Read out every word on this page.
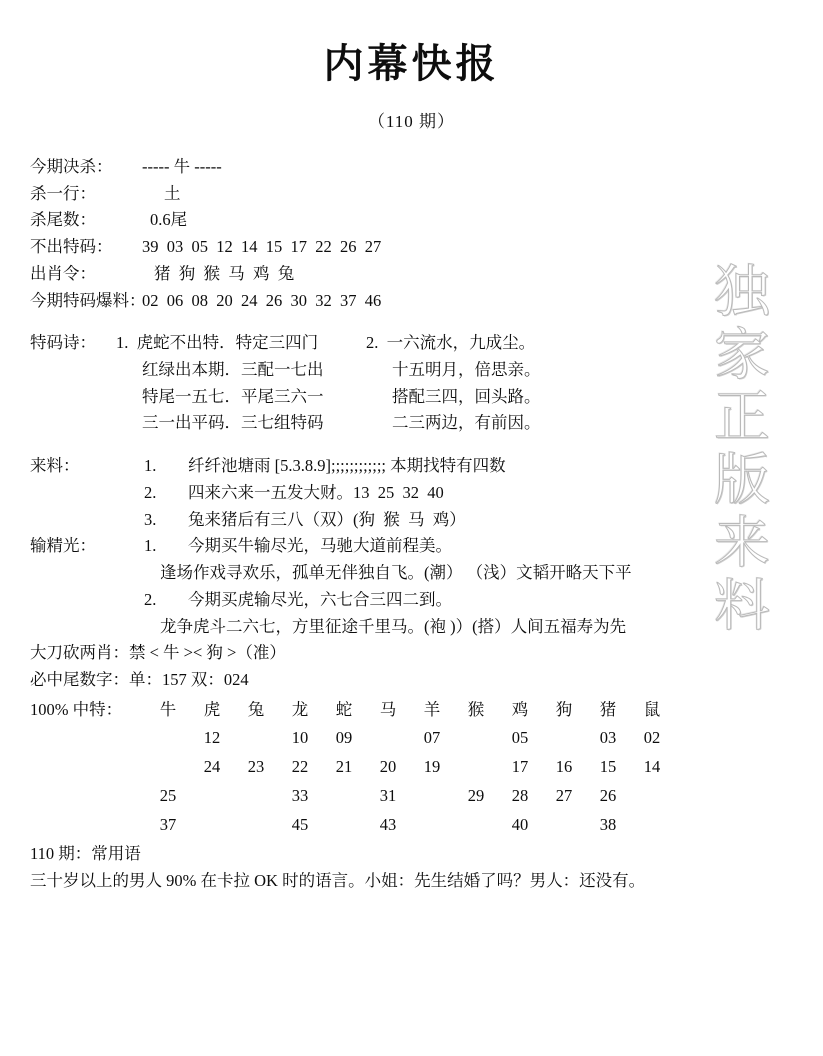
独
家
正
版
来
料
内幕快报
（110 期）
今期决杀：	----- 牛 -----
杀一行：	土
杀尾数：	0.6尾
不出特码：	39  03  05  12  14  15  17  22  26  27
出肖令：	猪  狗  猴  马  鸡  兔
今期特码爆料：
02  06  08  20  24  26  30  32  37  46
特码诗：	1.  虎蛇不出特．特定三四门	2.  一六流水，九成尘。
红绿出本期．三配一七出	十五明月，倍思亲。
特尾一五七．平尾三六一	搭配三四，回头路。
三一出平码．三七组特码	二三两边，有前因。
来料：	1.	纤纤池塘雨 [5.3.8.9];;;;;;;;;;;; 本期找特有四数
2.	四来六来一五发大财。13  25  32  40
3.	兔来猪后有三八（双）(狗  猴  马  鸡）
输精光：	1.	今期买牛输尽光，马驰大道前程美。
逢场作戏寻欢乐，孤单无伴独自飞。(潮） （浅）文韬开略天下平
2.	今期买虎输尽光，六七合三四二到。
龙争虎斗二六七，方里征途千里马。(袍 )）(搭）人间五福寿为先
大刀砍两肖： 禁 < 牛 >< 狗 >（准）
必中尾数字： 单：157 双：024
100% 中特：	牛	虎	兔	龙	蛇	马	羊	猴	鸡	狗	猪	鼠
		12		10	09		07		05		03	02
		24	23	22	21	20	19		17	16	15	14
	25			33		31		29	28	27	26	
	37			45		43			40		38	
110 期：常用语
三十岁以上的男人 90% 在卡拉 OK 时的语言。小姐：先生结婚了吗？男人：还没有。
